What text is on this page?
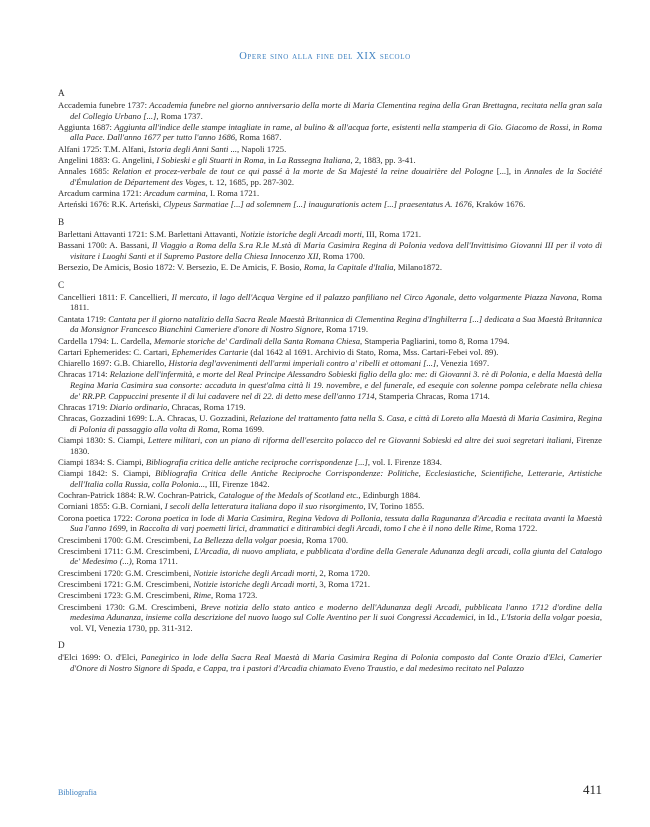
Opere sino alla fine del XIX secolo
A
Accademia funebre 1737: Accademia funebre nel giorno anniversario della morte di Maria Clementina regina della Gran Brettagna, recitata nella gran sala del Collegio Urbano [...], Roma 1737.
Aggiunta 1687: Aggiunta all'indice delle stampe intagliate in rame, al bulino & all'acqua forte, esistenti nella stamperia di Gio. Giacomo de Rossi, in Roma alla Pace. Dall'anno 1677 per tutto l'anno 1686, Roma 1687.
Alfani 1725: T.M. Alfani, Istoria degli Anni Santi ..., Napoli 1725.
Angelini 1883: G. Angelini, I Sobieski e gli Stuarti in Roma, in La Rassegna Italiana, 2, 1883, pp. 3-41.
Annales 1685: Relation et procez-verbale de tout ce qui passé à la morte de Sa Majesté la reine douairière del Pologne [...], in Annales de la Société d'Émulation de Département des Voges, t. 12, 1685, pp. 287-302.
Arcadum carmina 1721: Arcadum carmina, I. Roma 1721.
Arteński 1676: R.K. Arteński, Clypeus Sarmatiae [...] ad solemnem [...] inaugurationis actem [...] praesentatus A. 1676, Kraków 1676.
B
Barlettani Attavanti 1721: S.M. Barlettani Attavanti, Notizie istoriche degli Arcadi morti, III, Roma 1721.
Bassani 1700: A. Bassani, Il Viaggio a Roma della S.ra R.le M.stà di Maria Casimira Regina di Polonia vedova dell'Invittisimo Giovanni III per il voto di visitare i Luoghi Santi et il Supremo Pastore della Chiesa Innocenzo XII, Roma 1700.
Bersezio, De Amicis, Bosio 1872: V. Bersezio, E. De Amicis, F. Bosio, Roma, la Capitale d'Italia, Milano1872.
C
Cancellieri 1811: F. Cancellieri, Il mercato, il lago dell'Acqua Vergine ed il palazzo panfiliano nel Circo Agonale, detto volgarmente Piazza Navona, Roma 1811.
Cantata 1719: Cantata per il giorno natalizio della Sacra Reale Maestà Britannica di Clementina Regina d'Inghilterra [...] dedicata a Sua Maestà Britannica da Monsignor Francesco Bianchini Cameriere d'onore di Nostro Signore, Roma 1719.
Cardella 1794: L. Cardella, Memorie storiche de' Cardinali della Santa Romana Chiesa, Stamperia Pagliarini, tomo 8, Roma 1794.
Cartari Ephemerides: C. Cartari, Ephemerides Cartarie (dal 1642 al 1691. Archivio di Stato, Roma, Mss. Cartari-Febei vol. 89).
Chiarello 1697: G.B. Chiarello, Historia degl'avvenimenti dell'armi imperiali contro a' ribelli et ottomani [...], Venezia 1697.
Chracas 1714: Relazione dell'infermità, e morte del Real Principe Alessandro Sobieski figlio della glo: me: di Giovanni 3. rè di Polonia, e della Maestà della Regina Maria Casimira sua consorte: accaduta in quest'alma città li 19. novembre, e del funerale, ed esequie con solenne pompa celebrate nella chiesa de' RR.PP. Cappuccini presente il di lui cadavere nel di 22. di detto mese dell'anno 1714, Stamperia Chracas, Roma 1714.
Chracas 1719: Diario ordinario, Chracas, Roma 1719.
Chracas, Gozzadini 1699: L.A. Chracas, U. Gozzadini, Relazione del trattamento fatta nella S. Casa, e città di Loreto alla Maestà di Maria Casimira, Regina di Polonia di passaggio alla volta di Roma, Roma 1699.
Ciampi 1830: S. Ciampi, Lettere militari, con un piano di riforma dell'esercito polacco del re Giovanni Sobieski ed altre dei suoi segretari italiani, Firenze 1830.
Ciampi 1834: S. Ciampi, Bibliografia critica delle antiche reciproche corrispondenze [...], vol. I. Firenze 1834.
Ciampi 1842: S. Ciampi, Bibliografia Critica delle Antiche Reciproche Corrispondenze: Politiche, Ecclesiastiche, Scientifiche, Letterarie, Artistiche dell'Italia colla Russia, colla Polonia..., III, Firenze 1842.
Cochran-Patrick 1884: R.W. Cochran-Patrick, Catalogue of the Medals of Scotland etc., Edinburgh 1884.
Corniani 1855: G.B. Corniani, I secoli della letteratura italiana dopo il suo risorgimento, IV, Torino 1855.
Corona poetica 1722: Corona poetica in lode di Maria Casimira, Regina Vedova di Pollonia, tessuta dalla Ragunanza d'Arcadia e recitata avanti la Maestà Sua l'anno 1699, in Raccolta di varj poemetti lirici, drammatici e ditirambici degli Arcadi, tomo I che è il nono delle Rime, Roma 1722.
Crescimbeni 1700: G.M. Crescimbeni, La Bellezza della volgar poesia, Roma 1700.
Crescimbeni 1711: G.M. Crescimbeni, L'Arcadia, di nuovo ampliata, e pubblicata d'ordine della Generale Adunanza degli arcadi, colla giunta del Catalogo de' Medesimo (...), Roma 1711.
Crescimbeni 1720: G.M. Crescimbeni, Notizie istoriche degli Arcadi morti, 2, Roma 1720.
Crescimbeni 1721: G.M. Crescimbeni, Notizie istoriche degli Arcadi morti, 3, Roma 1721.
Crescimbeni 1723: G.M. Crescimbeni, Rime, Roma 1723.
Crescimbeni 1730: G.M. Crescimbeni, Breve notizia dello stato antico e moderno dell'Adunanza degli Arcadi, pubblicata l'anno 1712 d'ordine della medesima Adunanza, insieme colla descrizione del nuovo luogo sul Colle Aventino per li suoi Congressi Accademici, in Id., L'Istoria della volgar poesia, vol. VI, Venezia 1730, pp. 311-312.
D
d'Elci 1699: O. d'Elci, Panegirico in lode della Sacra Real Maestà di Maria Casimira Regina di Polonia composto dal Conte Orazio d'Elci, Camerier d'Onore di Nostro Signore di Spada, e Cappa, tra i pastori d'Arcadia chiamato Eveno Traustio, e dal medesimo recitato nel Palazzo
Bibliografia	411
